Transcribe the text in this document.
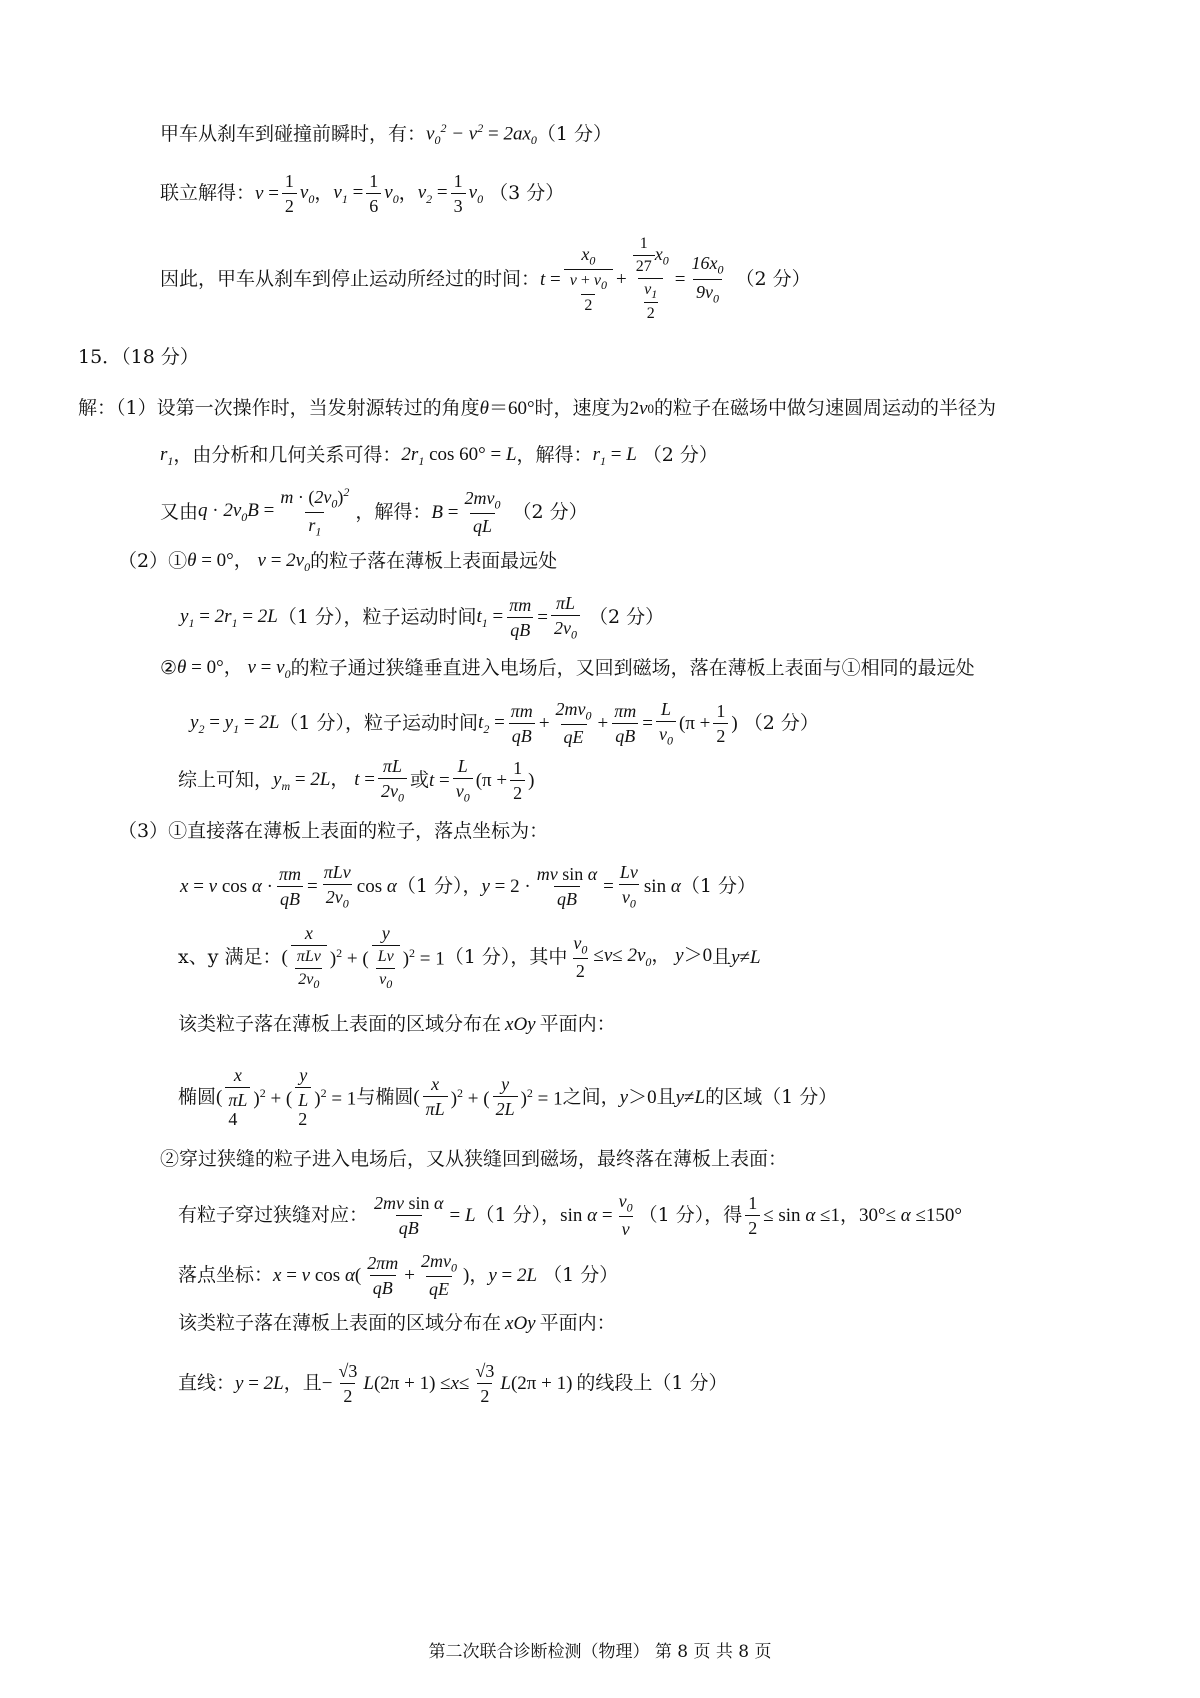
甲车从刹车到碰撞前瞬时，有： $v_0^2 - v^2 = 2ax_0$ （1 分）
联立解得： $v = \frac{1}{2} v_0$ ， $v_1 = \frac{1}{6} v_0$ ， $v_2 = \frac{1}{3} v_0$ （3 分）
因此，甲车从刹车到停止运动所经过的时间： $t = \frac{x_0}{\frac{v + v_0}{2}} + \frac{\frac{1}{27} x_0}{\frac{v_1}{2}} = \frac{16x_0}{9v_0} (2$ 分）
15．（18 分）
解：（1）设第一次操作时，当发射源转过的角度 θ ＝60° 时，速度为 2 v 0 的粒子在磁场中做匀速圆周运动的半径为
$r_1$ ，由分析和几何关系可得： $2r_1$ cos 60° = L ，解得： $r_1 = L$ （2 分）
又由 $q \cdot 2v_0B = \frac{m \cdot (2v_0)^2}{r_1}$ ，解得： $B = \frac{2mv_0}{qL} (2$ 分）
（2）① θ = 0°， $v = 2v_0$ 的粒子落在薄板上表面最远处
$y_1 = 2r_1 = 2L$ （1 分），粒子运动时间 $t_1 = \frac{\pi m}{qB} = \frac{\pi L}{2v_0} (2$ 分）
② θ = 0°， $v = v_0$ 的粒子通过狭缝垂直进入电场后，又回到磁场，落在薄板上表面与①相同的最远处
$y_2 = y_1 = 2L$ （1 分），粒子运动时间 $t_2 = \frac{\pi m}{qB} + \frac{2mv_0}{qE} + \frac{\pi m}{qB} = \frac{L}{v_0} (\pi + \frac{1}{2}$ ) （2 分）
综上可知， $y_m = 2L$， $t = \frac{\pi L}{2v_0}$ 或 $t = \frac{L}{v_0} (\pi + \frac{1}{2}$ )
（3）①直接落在薄板上表面的粒子，落点坐标为：
x = v $\cos \alpha \cdot \frac{\pi m}{qB} = \frac{\text{πLv}}{2v_0}$ cos α （1 分）， $y = 2 \cdot \frac{\text{mv sin α}}{qB} = \frac{Lv}{v_0}$ sin α （1 分）
x、y 满足： ( $\frac{x}{\frac{\text{πLv}}{2v_0}} )^2$ + ( $\frac{y}{\frac{Lv}{v_0}} )^2 = 1$ （1 分），其中 $\frac{v_0}{2} \le v\le 2v_0$， y＞0 且 y≠L
该类粒子落在薄板上表面的区域分布在 xOy 平面内：
椭圆 (
x
πL
4
)$^2$ + (
y
L
2
)$^2$ = 1 与椭圆 ( $\frac{x}{\pi L} )^2$ + ( $\frac{y}{2L} )^2 = 1$ 之间， y＞0 且 y≠L 的区域（1 分）
②穿过狭缝的粒子进入电场后，又从狭缝回到磁场，最终落在薄板上表面：
有粒子穿过狭缝对应： $\frac{\text{2mv sin α}}{qB} = L$ （1 分）， $\sin \alpha = \frac{v_0}{v} (1$ 分），得 $\frac{1}{2} \le \sin \alpha \le 1$，30°≤ α ≤150°
落点坐标： x = v $\cos \alpha( \frac{2\pi m}{qB} + \frac{2mv_0}{qE}$ )， y = 2L （1 分）
该类粒子落在薄板上表面的区域分布在 xOy 平面内：
直线： y = 2L ，且 − $\frac{√3}{2} L(2\pi + 1) \le x\le \frac{√3}{2} L(2\pi + 1)$ 的线段上（1 分）
第二次联合诊断检测（物理） 第 8 页 共 8 页
